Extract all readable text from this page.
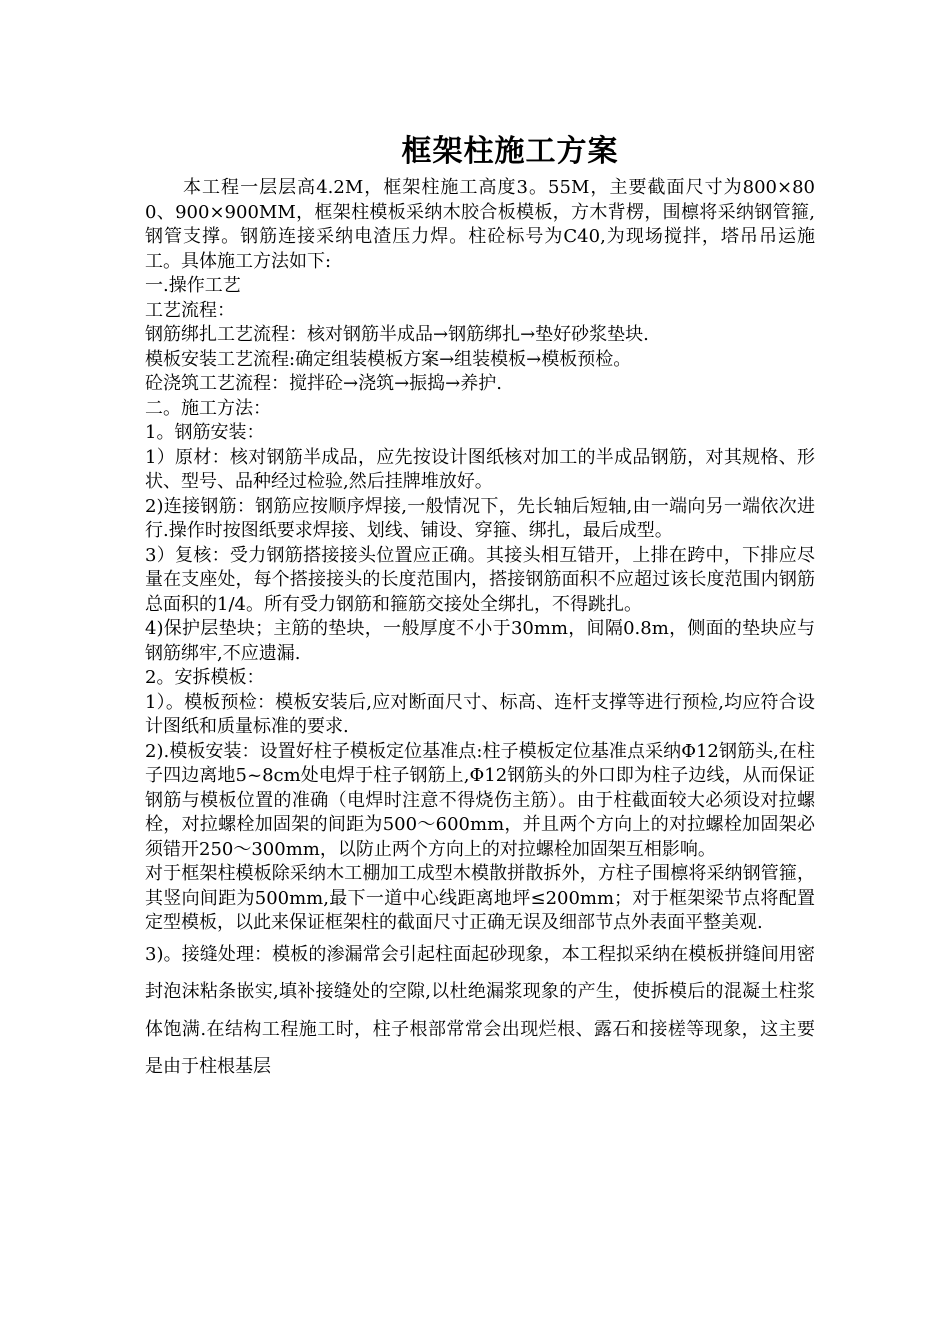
框架柱施工方案

本工程一层层高4.2M，框架柱施工高度3。55M，主要截面尺寸为800×800、900×900MM，框架柱模板采纳木胶合板模板，方木背楞，围檩将采纳钢管箍,钢管支撑。钢筋连接采纳电渣压力焊。柱砼标号为C40,为现场搅拌，塔吊吊运施工。具体施工方法如下:

一.操作工艺

工艺流程：

钢筋绑扎工艺流程：核对钢筋半成品→钢筋绑扎→垫好砂浆垫块.

模板安装工艺流程:确定组装模板方案→组装模板→模板预检。

砼浇筑工艺流程：搅拌砼→浇筑→振捣→养护.

二。施工方法：

1。钢筋安装：

1）原材：核对钢筋半成品，应先按设计图纸核对加工的半成品钢筋，对其规格、形状、型号、品种经过检验,然后挂牌堆放好。

2)连接钢筋：钢筋应按顺序焊接,一般情况下，先长轴后短轴,由一端向另一端依次进行.操作时按图纸要求焊接、划线、铺设、穿箍、绑扎，最后成型。

3）复核：受力钢筋搭接接头位置应正确。其接头相互错开，上排在跨中，下排应尽量在支座处，每个搭接接头的长度范围内，搭接钢筋面积不应超过该长度范围内钢筋总面积的1/4。所有受力钢筋和箍筋交接处全绑扎，不得跳扎。

4)保护层垫块；主筋的垫块，一般厚度不小于30mm，间隔0.8m，侧面的垫块应与钢筋绑牢,不应遗漏.

2。安拆模板：

1）。模板预检：模板安装后,应对断面尺寸、标高、连杆支撑等进行预检,均应符合设计图纸和质量标准的要求.

2).模板安装：设置好柱子模板定位基准点:柱子模板定位基准点采纳Φ12钢筋头,在柱子四边离地5~8cm处电焊于柱子钢筋上,Φ12钢筋头的外口即为柱子边线，从而保证钢筋与模板位置的准确（电焊时注意不得烧伤主筋）。由于柱截面较大必须设对拉螺栓，对拉螺栓加固架的间距为500～600mm，并且两个方向上的对拉螺栓加固架必须错开250～300mm，以防止两个方向上的对拉螺栓加固架互相影响。

对于框架柱模板除采纳木工棚加工成型木模散拼散拆外，方柱子围檩将采纳钢管箍，其竖向间距为500mm,最下一道中心线距离地坪≤200mm；对于框架梁节点将配置定型模板，以此来保证框架柱的截面尺寸正确无误及细部节点外表面平整美观.

3)。接缝处理：模板的渗漏常会引起柱面起砂现象，本工程拟采纳在模板拼缝间用密封泡沫粘条嵌实,填补接缝处的空隙,以杜绝漏浆现象的产生，使拆模后的混凝土柱浆体饱满.在结构工程施工时，柱子根部常常会出现烂根、露石和接槎等现象，这主要是由于柱根基层
